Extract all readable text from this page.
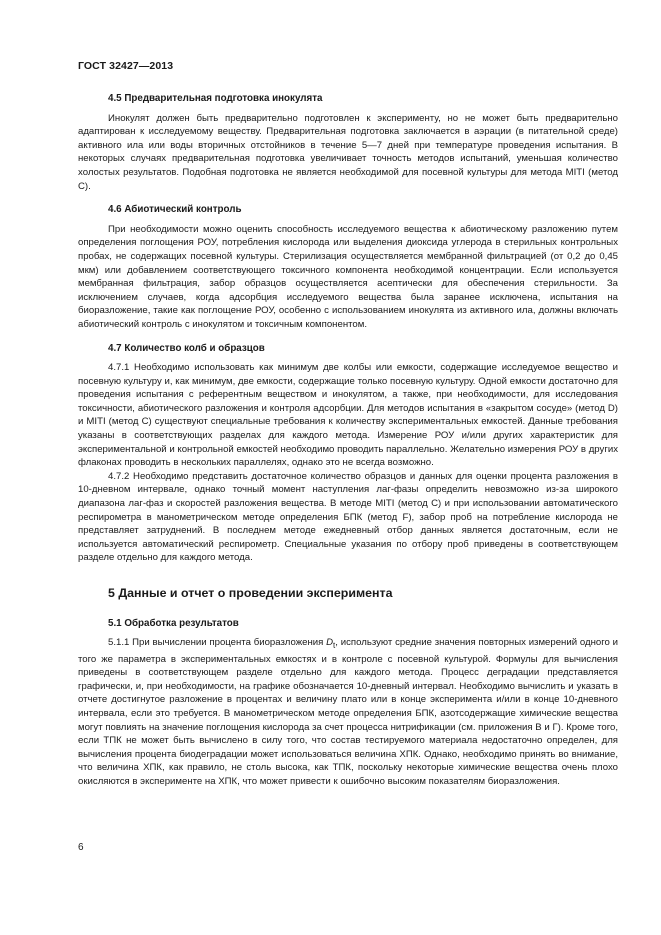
ГОСТ 32427—2013
4.5 Предварительная подготовка инокулята

Инокулят должен быть предварительно подготовлен к эксперименту, но не может быть предварительно адаптирован к исследуемому веществу. Предварительная подготовка заключается в аэрации (в питательной среде) активного ила или воды вторичных отстойников в течение 5—7 дней при температуре проведения испытания. В некоторых случаях предварительная подготовка увеличивает точность методов испытаний, уменьшая количество холостых результатов. Подобная подготовка не является необходимой для посевной культуры для метода MITI (метод С).

4.6 Абиотический контроль

При необходимости можно оценить способность исследуемого вещества к абиотическому разложению путем определения поглощения РОУ, потребления кислорода или выделения диоксида углерода в стерильных контрольных пробах, не содержащих посевной культуры. Стерилизация осуществляется мембранной фильтрацией (от 0,2 до 0,45 мкм) или добавлением соответствующего токсичного компонента необходимой концентрации. Если используется мембранная фильтрация, забор образцов осуществляется асептически для обеспечения стерильности. За исключением случаев, когда адсорбция исследуемого вещества была заранее исключена, испытания на биоразложение, такие как поглощение РОУ, особенно с использованием инокулята из активного ила, должны включать абиотический контроль с инокулятом и токсичным компонентом.

4.7 Количество колб и образцов

4.7.1 Необходимо использовать как минимум две колбы или емкости, содержащие исследуемое вещество и посевную культуру и, как минимум, две емкости, содержащие только посевную культуру. Одной емкости достаточно для проведения испытания с референтным веществом и инокулятом, а также, при необходимости, для исследования токсичности, абиотического разложения и контроля адсорбции. Для методов испытания в «закрытом сосуде» (метод D) и MITI (метод С) существуют специальные требования к количеству экспериментальных емкостей. Данные требования указаны в соответствующих разделах для каждого метода. Измерение РОУ и/или других характеристик для экспериментальной и контрольной емкостей необходимо проводить параллельно. Желательно измерения РОУ в других флаконах проводить в нескольких параллелях, однако это не всегда возможно.

4.7.2 Необходимо представить достаточное количество образцов и данных для оценки процента разложения в 10-дневном интервале, однако точный момент наступления лаг-фазы определить невозможно из-за широкого диапазона лаг-фаз и скоростей разложения вещества. В методе MITI (метод С) и при использовании автоматического респирометра в манометрическом методе определения БПК (метод F), забор проб на потребление кислорода не представляет затруднений. В последнем методе ежедневный отбор данных является достаточным, если не используется автоматический респирометр. Специальные указания по отбору проб приведены в соответствующем разделе отдельно для каждого метода.

5 Данные и отчет о проведении эксперимента
5.1 Обработка результатов

5.1.1 При вычислении процента биоразложения $D_t$, используют средние значения повторных измерений одного и того же параметра в экспериментальных емкостях и в контроле с посевной культурой. Формулы для вычисления приведены в соответствующем разделе отдельно для каждого метода. Процесс деградации представляется графически, и, при необходимости, на графике обозначается 10-дневный интервал. Необходимо вычислить и указать в отчете достигнутое разложение в процентах и величину плато или в конце эксперимента и/или в конце 10-дневного интервала, если это требуется. В манометрическом методе определения БПК, азотсодержащие химические вещества могут повлиять на значение поглощения кислорода за счет процесса нитрификации (см. приложения В и Г). Кроме того, если ТПК не может быть вычислено в силу того, что состав тестируемого материала недостаточно определен, для вычисления процента биодеградации может использоваться величина ХПК. Однако, необходимо принять во внимание, что величина ХПК, как правило, не столь высока, как ТПК, поскольку некоторые химические вещества очень плохо окисляются в эксперименте на ХПК, что может привести к ошибочно высоким показателям биоразложения.

6
